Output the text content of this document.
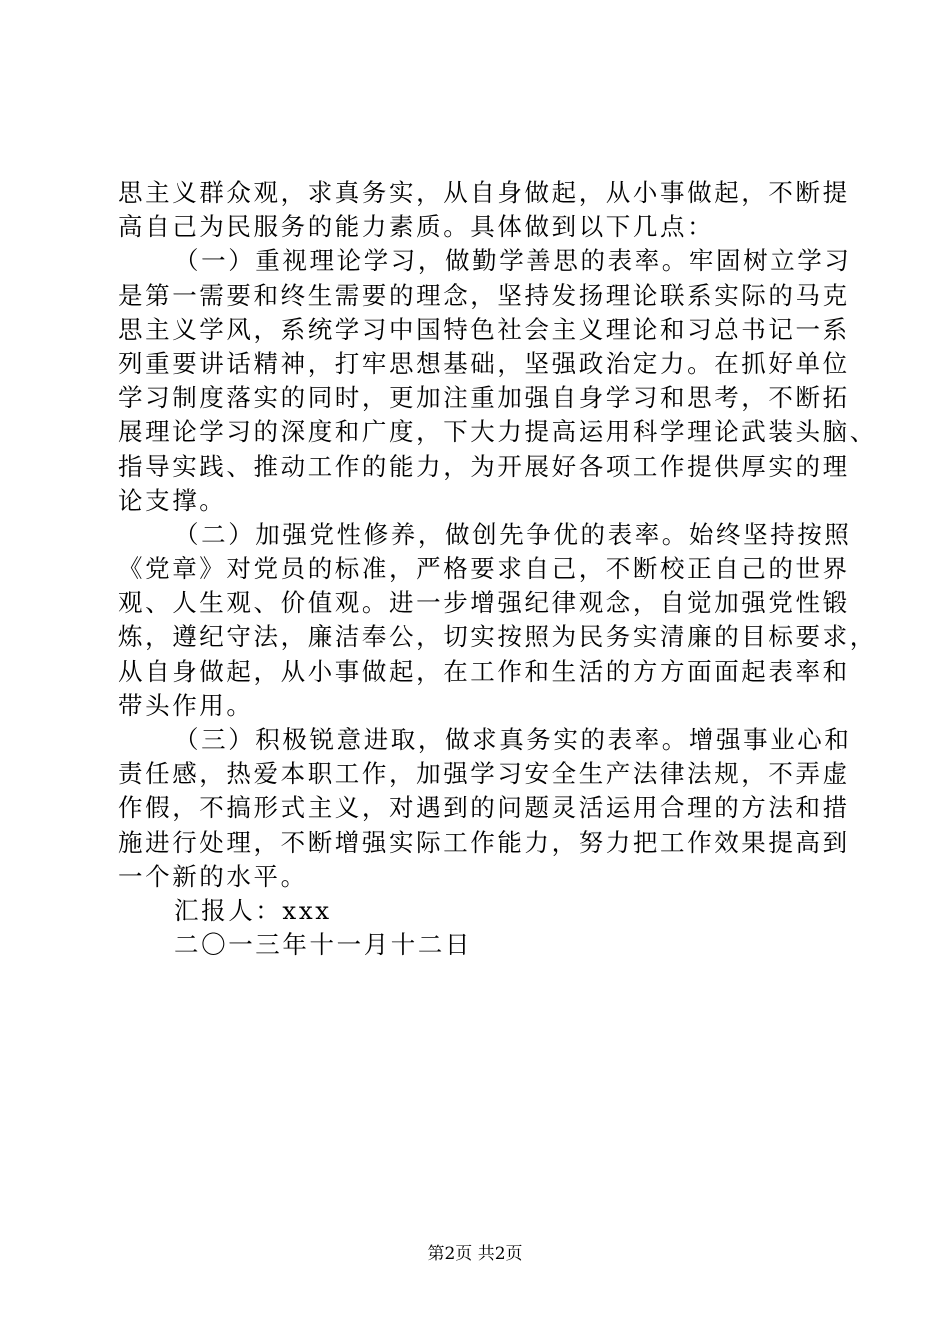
思主义群众观，求真务实，从自身做起，从小事做起，不断提
高自己为民服务的能力素质。具体做到以下几点：
（一）重视理论学习，做勤学善思的表率。牢固树立学习
是第一需要和终生需要的理念，坚持发扬理论联系实际的马克
思主义学风，系统学习中国特色社会主义理论和习总书记一系
列重要讲话精神，打牢思想基础，坚强政治定力。在抓好单位
学习制度落实的同时，更加注重加强自身学习和思考，不断拓
展理论学习的深度和广度，下大力提高运用科学理论武装头脑、
指导实践、推动工作的能力，为开展好各项工作提供厚实的理
论支撑。
（二）加强党性修养，做创先争优的表率。始终坚持按照
《党章》对党员的标准，严格要求自己，不断校正自己的世界
观、人生观、价值观。进一步增强纪律观念，自觉加强党性锻
炼，遵纪守法，廉洁奉公，切实按照为民务实清廉的目标要求，
从自身做起，从小事做起，在工作和生活的方方面面起表率和
带头作用。
（三）积极锐意进取，做求真务实的表率。增强事业心和
责任感，热爱本职工作，加强学习安全生产法律法规，不弄虚
作假，不搞形式主义，对遇到的问题灵活运用合理的方法和措
施进行处理，不断增强实际工作能力，努力把工作效果提高到
一个新的水平。
汇报人：xxx
二〇一三年十一月十二日
第2页 共2页
